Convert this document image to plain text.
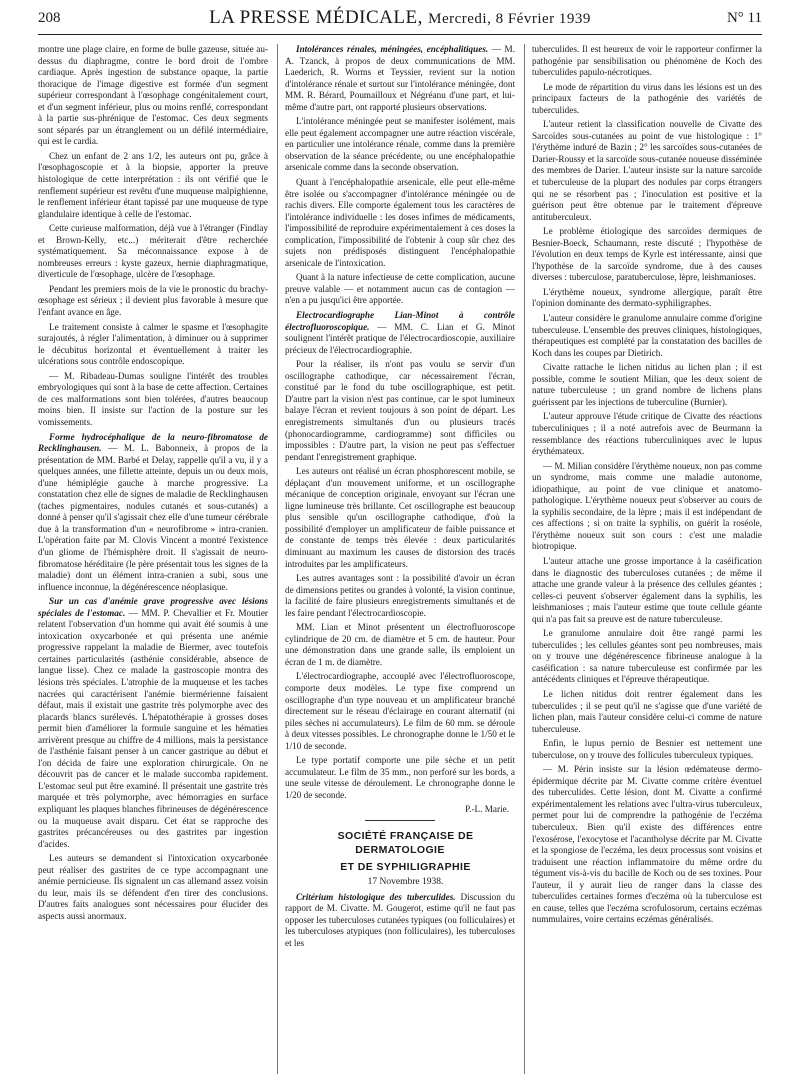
208	LA PRESSE MÉDICALE, Mercredi, 8 Février 1939	N° 11

montre une plage claire, en forme de bulle gazeuse, située au-dessus du diaphragme, contre le bord droit de l'ombre cardiaque. Après ingestion de substance opaque, la partie thoracique de l'image digestive est formée d'un segment supérieur correspondant à l'œsophage congénitalement court, et d'un segment inférieur, plus ou moins renflé, correspondant à la partie sus-phrénique de l'estomac. Ces deux segments sont séparés par un étranglement ou un défilé intermédiaire, qui est le cardia.

Chez un enfant de 2 ans 1/2, les auteurs ont pu, grâce à l'œsophagoscopie et à la biopsie, apporter la preuve histologique de cette interprétation : ils ont vérifié que le renflement supérieur est revêtu d'une muqueuse malpighienne, le renflement inférieur étant tapissé par une muqueuse de type glandulaire identique à celle de l'estomac.

Cette curieuse malformation, déjà vue à l'étranger (Findlay et Brown-Kelly, etc...) mériterait d'être recherchée systématiquement. Sa méconnaissance expose à de nombreuses erreurs : kyste gazeux, hernie diaphragmatique, diverticule de l'œsophage, ulcère de l'œsophage.

Pendant les premiers mois de la vie le pronostic du brachy-œsophage est sérieux ; il devient plus favorable à mesure que l'enfant avance en âge.

Le traitement consiste à calmer le spasme et l'œsophagite surajoutés, à régler l'alimentation, à diminuer ou à supprimer le décubitus horizontal et éventuellement à traiter les ulcérations sous contrôle endoscopique.

— M. Ribadeau-Dumas souligne l'intérêt des troubles embryologiques qui sont à la base de cette affection. Certaines de ces malformations sont bien tolérées, d'autres beaucoup moins bien. Il insiste sur l'action de la posture sur les vomissements.

Forme hydrocéphalique de la neuro-fibromatose de Recklinghausen. — M. L. Babonneix, à propos de la présentation de MM. Barbé et Delay, rappelle qu'il a vu, il y a quelques années, une fillette atteinte, depuis un ou deux mois, d'une hémiplégie gauche à marche progressive. La constatation chez elle de signes de maladie de Recklinghausen (taches pigmentaires, nodules cutanés et sous-cutanés) a donné à penser qu'il s'agissait chez elle d'une tumeur cérébrale due à la transformation d'un « neurofibrome » intra-cranien. L'opération faite par M. Clovis Vincent a montré l'existence d'un gliome de l'hémisphère droit. Il s'agissait de neuro-fibromatose héréditaire (le père présentait tous les signes de la maladie) dont un élément intra-cranien a subi, sous une influence inconnue, la dégénérescence néoplasique.

Sur un cas d'anémie grave progressive avec lésions spéciales de l'estomac. — MM. P. Chevallier et Fr. Moutier relatent l'observation d'un homme qui avait été soumis à une intoxication oxycarbonée et qui présenta une anémie progressive rappelant la maladie de Biermer, avec toutefois certaines particularités (asthénie considérable, absence de langue lisse). Chez ce malade la gastroscopie montra des lésions très spéciales. L'atrophie de la muqueuse et les taches nacrées qui caractérisent l'anémie biermérienne faisaient défaut, mais il existait une gastrite très polymorphe avec des placards blancs surélevés. L'hépatothérapie à grosses doses permit bien d'améliorer la formule sanguine et les hématies arrivèrent presque au chiffre de 4 millions, mais la persistance de l'asthénie faisant penser à un cancer gastrique au début et l'on décida de faire une exploration chirurgicale. On ne découvrit pas de cancer et le malade succomba rapidement. L'estomac seul put être examiné. Il présentait une gastrite très marquée et très polymorphe, avec hémorragies en surface expliquant les plaques blanches fibrineuses de dégénérescence ou la muqueuse avait disparu. Cet état se rapproche des gastrites précancéreuses ou des gastrites par ingestion d'acides.

Les auteurs se demandent si l'intoxication oxycarbonée peut réaliser des gastrites de ce type accompagnant une anémie pernicieuse. Ils signalent un cas allemand assez voisin du leur, mais ils se défendent d'en tirer des conclusions. D'autres faits analogues sont nécessaires pour élucider des aspects aussi anormaux.

Intolérances rénales, méningées, encéphalitiques. — M. A. Tzanck, à propos de deux communications de MM. Laederich, R. Worms et Teyssier, revient sur la notion d'intolérance rénale et surtout sur l'intolérance méningée, dont MM. R. Bérard, Poumailloux et Négréanu d'une part, et lui-même d'autre part, ont rapporté plusieurs observations.

L'intolérance méningée peut se manifester isolément, mais elle peut également accompagner une autre réaction viscérale, en particulier une intolérance rénale, comme dans la première observation de la séance précédente, ou une encéphalopathie arsenicale comme dans la seconde observation.

Quant à l'encéphalopathie arsenicale, elle peut elle-même être isolée ou s'accompagner d'intolérance méningée ou de rachis divers. Elle comporte également tous les caractères de l'intolérance individuelle : les doses infimes de médicaments, l'impossibilité de reproduire expérimentalement à ces doses la complication, l'impossibilité de l'obtenir à coup sûr chez des sujets non prédisposés distinguent l'encéphalopathie arsenicale de l'intoxication.

Quant à la nature infectieuse de cette complication, aucune preuve valable — et notamment aucun cas de contagion — n'en a pu jusqu'ici être apportée.

Electrocardiographe Lian-Minot à contrôle électrofluoroscopique. — MM. C. Lian et G. Minot soulignent l'intérêt pratique de l'électrocardioscopie, auxiliaire précieux de l'électrocardiographie.

Pour la réaliser, ils n'ont pas voulu se servir d'un oscillographe cathodique, car nécessairement l'écran, constitué par le fond du tube oscillographique, est petit. D'autre part la vision n'est pas continue, car le spot lumineux balaye l'écran et revient toujours à son point de départ. Les enregistrements simultanés d'un ou plusieurs tracés (phonocardiogramme, cardiogramme) sont difficiles ou impossibles : D'autre part, la vision ne peut pas s'effectuer pendant l'enregistrement graphique.

Les auteurs ont réalisé un écran phosphorescent mobile, se déplaçant d'un mouvement uniforme, et un oscillographe mécanique de conception originale, envoyant sur l'écran une ligne lumineuse très brillante. Cet oscillographe est beaucoup plus sensible qu'un oscillographe cathodique, d'où la possibilité d'employer un amplificateur de faible puissance et de constante de temps très élevée : deux particularités diminuant au maximum les causes de distorsion des tracés introduites par les amplificateurs.

Les autres avantages sont : la possibilité d'avoir un écran de dimensions petites ou grandes à volonté, la vision continue, la facilité de faire plusieurs enregistrements simultanés et de les faire pendant l'électrocardioscopie.

MM. Lian et Minot présentent un électrofluoroscope cylindrique de 20 cm. de diamètre et 5 cm. de hauteur. Pour une démonstration dans une grande salle, ils emploient un écran de 1 m. de diamètre.

L'électrocardiographe, accouplé avec l'électrofluoroscope, comporte deux modèles. Le type fixe comprend un oscillographe d'un type nouveau et un amplificateur branché directement sur le réseau d'éclairage en courant alternatif (ni piles sèches ni accumulateurs). Le film de 60 mm. se déroule à deux vitesses possibles. Le chronographe donne le 1/50 et le 1/10 de seconde.

Le type portatif comporte une pile sèche et un petit accumulateur. Le film de 35 mm., non perforé sur les bords, a une seule vitesse de déroulement. Le chronographe donne le 1/20 de seconde.

P.-L. Marie.

SOCIÉTÉ FRANÇAISE DE DERMATOLOGIE

ET DE SYPHILIGRAPHIE

17 Novembre 1938.

Critérium histologique des tuberculides. Discussion du rapport de M. Civatte. M. Gougerot, estime qu'il ne faut pas opposer les tuberculoses cutanées typiques (ou folliculaires) et les tuberculoses atypiques (non folliculaires), les tuberculoses et les

tuberculides. Il est heureux de voir le rapporteur confirmer la pathogénie par sensibilisation ou phénomène de Koch des tuberculides papulo-nécrotiques.

Le mode de répartition du virus dans les lésions est un des principaux facteurs de la pathogénie des variétés de tuberculides.

L'auteur retient la classification nouvelle de Civatte des Sarcoïdes sous-cutanées au point de vue histologique : 1° l'érythème induré de Bazin ; 2° les sarcoïdes sous-cutanées de Darier-Roussy et la sarcoïde sous-cutanée noueuse disséminée des membres de Darier. L'auteur insiste sur la nature sarcoïde et tuberculeuse de la plupart des nodules par corps étrangers qui ne se résorbent pas ; l'inoculation est positive et la guérison peut être obtenue par le traitement d'épreuve antituberculeux.

Le problème étiologique des sarcoïdes dermiques de Besnier-Boeck, Schaumann, reste discuté ; l'hypothèse de l'évolution en deux temps de Kyrle est intéressante, ainsi que l'hypothèse de la sarcoïde syndrome, due à des causes diverses : tuberculose, paratuberculose, lèpre, leishmanioses.

L'érythème noueux, syndrome allergique, paraît être l'opinion dominante des dermato-syphiligraphes.

L'auteur considère le granulome annulaire comme d'origine tuberculeuse. L'ensemble des preuves cliniques, histologiques, thérapeutiques est complété par la constatation des bacilles de Koch dans les coupes par Dietirich.

Civatte rattache le lichen nitidus au lichen plan ; il est possible, comme le soutient Milian, que les deux soient de nature tuberculeuse ; un grand nombre de lichens plans guérissent par les injections de tuberculine (Burnier).

L'auteur approuve l'étude critique de Civatte des réactions tuberculiniques ; il a noté autrefois avec de Beurmann la ressemblance des réactions tuberculiniques avec le lupus érythémateux.

— M. Milian considère l'érythème noueux, non pas comme un syndrome, mais comme une maladie autonome, idiopathique, au point de vue clinique et anatomo-pathologique. L'érythème noueux peut s'observer au cours de la syphilis secondaire, de la lèpre ; mais il est indépendant de ces affections ; si on traite la syphilis, on guérit la roséole, l'érythème noueux suit son cours : c'est une maladie biotropique.

L'auteur attache une grosse importance à la caséification dans le diagnostic des tuberculoses cutanées ; de même il attache une grande valeur à la présence des cellules géantes ; celles-ci peuvent s'observer également dans la syphilis, les leishmanioses ; mais l'auteur estime que toute cellule géante qui n'a pas fait sa preuve est de nature tuberculeuse.

Le granulome annulaire doit être rangé parmi les tuberculides ; les cellules géantes sont peu nombreuses, mais on y trouve une dégénérescence fibrineuse analogue à la caséification : sa nature tuberculeuse est confirmée par les antécédents cliniques et l'épreuve thérapeutique.

Le lichen nitidus doit rentrer également dans les tuberculides ; il se peut qu'il ne s'agisse que d'une variété de lichen plan, mais l'auteur considère celui-ci comme de nature tuberculeuse.

Enfin, le lupus pernio de Besnier est nettement une tuberculose, on y trouve des follicules tuberculeux typiques.

— M. Périn insiste sur la lésion œdémateuse dermo-épidermique décrite par M. Civatte comme critère éventuel des tuberculides. Cette lésion, dont M. Civatte a confirmé expérimentalement les relations avec l'ultra-virus tuberculeux, permet pour lui de comprendre la pathogénie de l'eczéma tuberculeux. Bien qu'il existe des différences entre l'exosérose, l'exocytose et l'acantholyse décrite par M. Civatte et la spongiose de l'eczéma, les deux processus sont voisins et traduisent une réaction inflammatoire du même ordre du tégument vis-à-vis du bacille de Koch ou de ses toxines. Pour l'auteur, il y aurait lieu de ranger dans la classe des tuberculides certaines formes d'eczéma où la tuberculose est en cause, telles que l'eczéma scrofulosorum, certains eczémas nummulaires, voire certains eczémas généralisés.
